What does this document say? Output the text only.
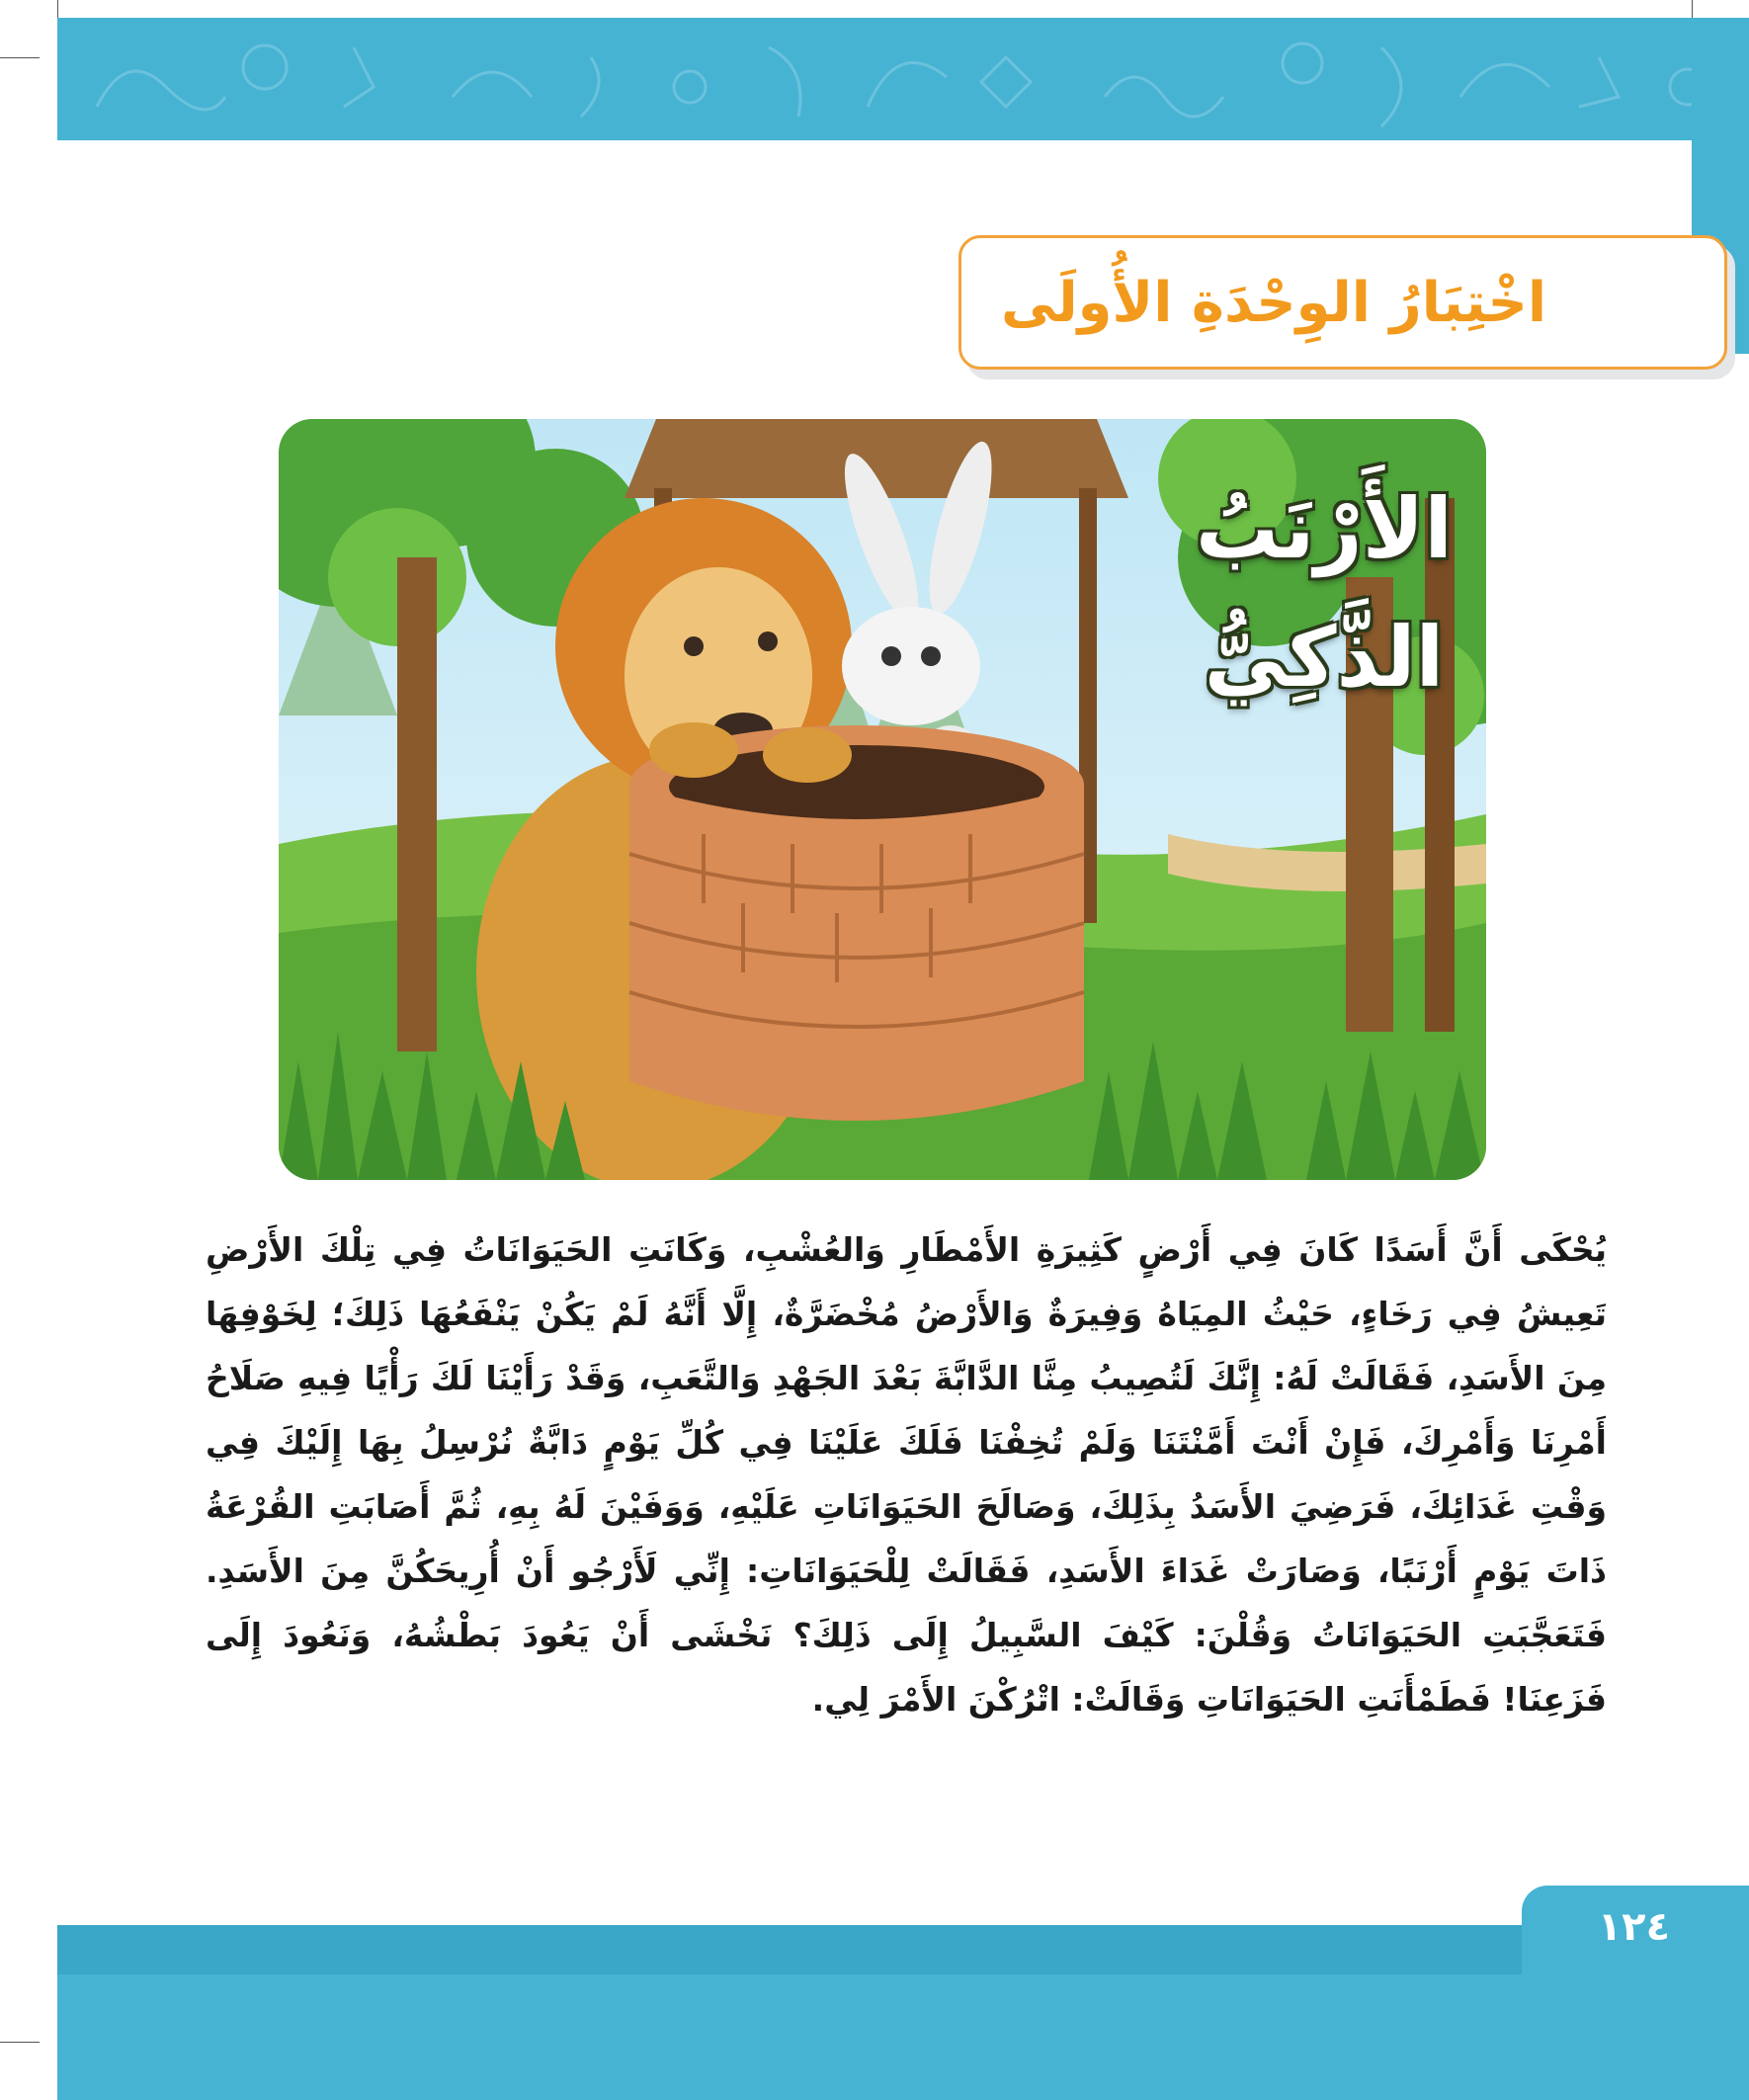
اخْتِبَارُ الوِحْدَةِ الأُولَى
الأَرْنَبُ
الذَّكِيُّ

يُحْكَى أَنَّ أَسَدًا كَانَ فِي أَرْضٍ كَثِيرَةِ الأَمْطَارِ وَالعُشْبِ، وَكَانَتِ الحَيَوَانَاتُ فِي تِلْكَ الأَرْضِ تَعِيشُ فِي رَخَاءٍ، حَيْثُ المِيَاهُ وَفِيرَةٌ وَالأَرْضُ مُخْضَرَّةٌ، إِلَّا أَنَّهُ لَمْ يَكُنْ يَنْفَعُهَا ذَلِكَ؛ لِخَوْفِهَا مِنَ الأَسَدِ، فَقَالَتْ لَهُ: إِنَّكَ لَتُصِيبُ مِنَّا الدَّابَّةَ بَعْدَ الجَهْدِ وَالتَّعَبِ، وَقَدْ رَأَيْنَا لَكَ رَأْيًا فِيهِ صَلَاحُ أَمْرِنَا وَأَمْرِكَ، فَإِنْ أَنْتَ أَمَّنْتَنَا وَلَمْ تُخِفْنَا فَلَكَ عَلَيْنَا فِي كُلِّ يَوْمٍ دَابَّةٌ نُرْسِلُ بِهَا إِلَيْكَ فِي وَقْتِ غَدَائِكَ، فَرَضِيَ الأَسَدُ بِذَلِكَ، وَصَالَحَ الحَيَوَانَاتِ عَلَيْهِ، وَوَفَيْنَ لَهُ بِهِ، ثُمَّ أَصَابَتِ القُرْعَةُ ذَاتَ يَوْمٍ أَرْنَبًا، وَصَارَتْ غَدَاءَ الأَسَدِ، فَقَالَتْ لِلْحَيَوَانَاتِ: إِنِّي لَأَرْجُو أَنْ أُرِيحَكُنَّ مِنَ الأَسَدِ. فَتَعَجَّبَتِ الحَيَوَانَاتُ وَقُلْنَ: كَيْفَ السَّبِيلُ إِلَى ذَلِكَ؟ نَخْشَى أَنْ يَعُودَ بَطْشُهُ، وَنَعُودَ إِلَى فَزَعِنَا! فَطَمْأَنَتِ الحَيَوَانَاتِ وَقَالَتْ: اتْرُكْنَ الأَمْرَ لِي.

١٢٤
